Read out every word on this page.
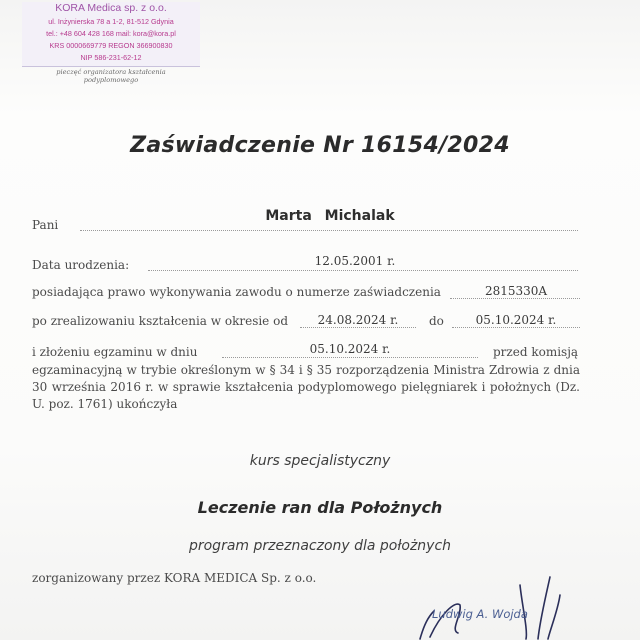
KORA Medica sp. z o.o.
ul. Inżynierska 78 a 1-2, 81-512 Gdynia
tel.: +48 604 428 168 mail: kora@kora.pl
KRS 0000669779 REGON 366900830
NIP 586-231-62-12
pieczęć organizatora kształcenia
podyplomowego
Zaświadczenie Nr 16154/2024
Pani
Marta Michalak
Data urodzenia:	12.05.2001 r.
posiadająca prawo wykonywania zawodu o numerze zaświadczenia	2815330A
po zrealizowaniu kształcenia w okresie od	24.08.2024 r.	do	05.10.2024 r.
i złożeniu egzaminu w dniu	05.10.2024 r.	przed komisją
egzaminacyjną w trybie określonym w § 34 i § 35 rozporządzenia Ministra Zdrowia z dnia 30 września 2016 r. w sprawie kształcenia podyplomowego pielęgniarek i położnych (Dz. U. poz. 1761) ukończyła
kurs specjalistyczny
Leczenie ran dla Położnych
program przeznaczony dla położnych
zorganizowany przez KORA MEDICA Sp. z o.o.
Ludwig A. Wojda
